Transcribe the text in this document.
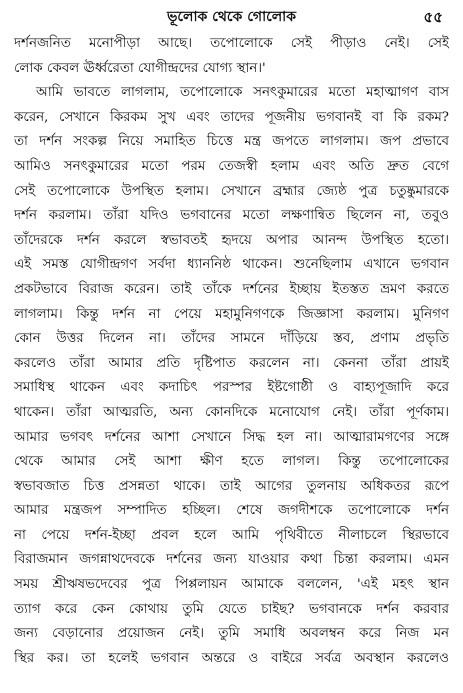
ভূলোক থেকে গোলোক	৫৫
দর্শনজনিত মনোপীড়া আছে। তপোলোকে সেই পীড়াও নেই। সেই
লোক কেবল ঊর্ধ্বরেতা যোগীন্দ্রদের যোগ্য স্থান।'
আমি ভাবতে লাগলাম, তপোলোকে সনৎকুমারের মতো মহাত্মাগণ বাস
করেন, সেখানে কিরকম সুখ এবং তাদের পূজনীয় ভগবানই বা কি রকম?
তা দর্শন সংকল্প নিয়ে সমাহিত চিত্তে মন্ত্র জপতে লাগলাম। জপ প্রভাবে
আমিও সনৎকুমারের মতো পরম তেজস্বী হলাম এবং অতি দ্রুত বেগে
সেই তপোলোকে উপস্থিত হলাম। সেখানে ব্রহ্মার জ্যেষ্ঠ পুত্র চতুষ্কুমারকে
দর্শন করলাম। তাঁরা যদিও ভগবানের মতো লক্ষণান্বিত ছিলেন না, তবুও
তাঁদেরকে দর্শন করলে স্বভাবতই হৃদয়ে অপার আনন্দ উপস্থিত হতো।
এই সমস্ত যোগীন্দ্রগণ সর্বদা ধ্যাননিষ্ঠ থাকেন। শুনেছিলাম এখানে ভগবান
প্রকটভাবে বিরাজ করেন। তাই তাঁকে দর্শনের ইচ্ছায় ইতস্তত ভ্রমণ করতে
লাগলাম। কিন্তু দর্শন না পেয়ে মহামুনিগণকে জিজ্ঞাসা করলাম। মুনিগণ
কোন উত্তর দিলেন না। তাঁদের সামনে দাঁড়িয়ে স্তব, প্রণাম প্রভৃতি
করলেও তাঁরা আমার প্রতি দৃষ্টিপাত করলেন না। কেননা তাঁরা প্রায়ই
সমাধিস্থ থাকেন এবং কদাচিৎ পরস্পর ইষ্টগোষ্ঠী ও বাহ্যপূজাদি করে
থাকেন। তাঁরা আত্মরতি, অন্য কোনদিকে মনোযোগ নেই। তাঁরা পূর্ণকাম।
আমার ভগবৎ দর্শনের আশা সেখানে সিদ্ধ হল না। আত্মারামগণের সঙ্গে
থেকে আমার সেই আশা ক্ষীণ হতে লাগল। কিন্তু তপোলোকের
স্বভাবজাত চিত্ত প্রসন্নতা থাকে। তাই আগের তুলনায় অধিকতর রূপে
আমার মন্ত্রজপ সম্পাদিত হচ্ছিল। শেষে জগদীশকে তপোলোকে দর্শন
না পেয়ে দর্শন-ইচ্ছা প্রবল হলে আমি পৃথিবীতে নীলাচলে স্থিরভাবে
বিরাজমান জগন্নাথদেবকে দর্শনের জন্য যাওয়ার কথা চিন্তা করলাম। এমন
সময় শ্রীঋষভদেবের পুত্র পিপ্পলায়ন আমাকে বললেন, 'এই মহৎ স্থান
ত্যাগ করে কেন কোথায় তুমি যেতে চাইছ? ভগবানকে দর্শন করবার
জন্য বেড়ানোর প্রয়োজন নেই। তুমি সমাধি অবলম্বন করে নিজ মন
স্থির কর। তা হলেই ভগবান অন্তরে ও বাইরে সর্বত্র অবস্থান করলেও
